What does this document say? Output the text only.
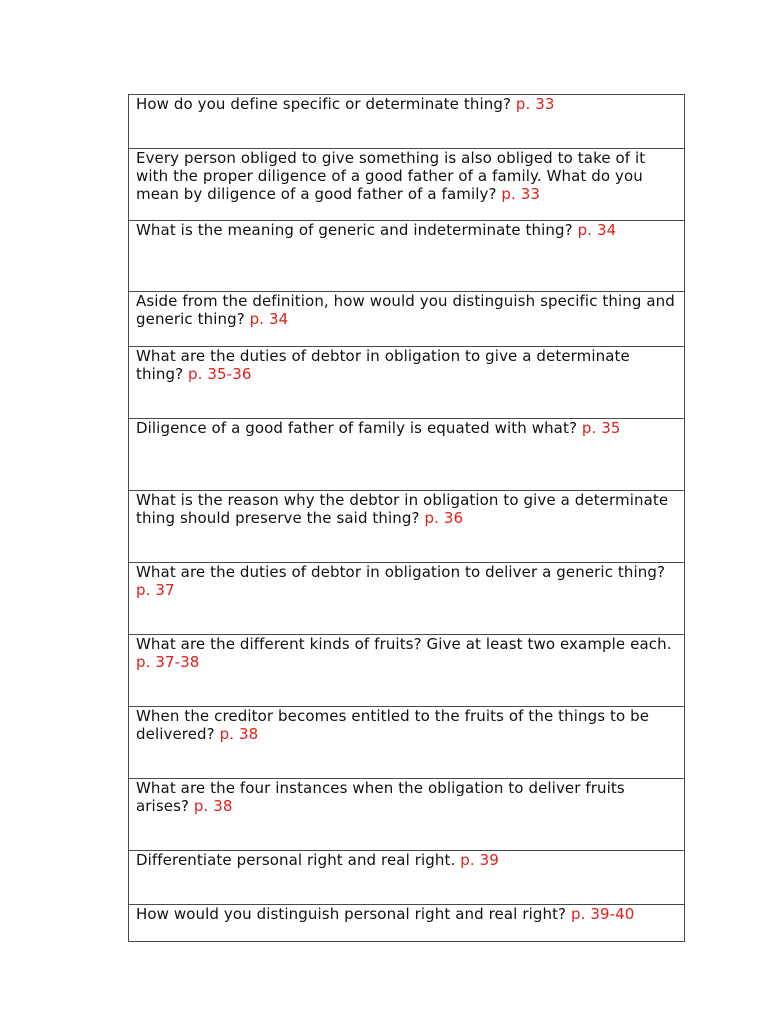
How do you define specific or determinate thing? p. 33
Every person obliged to give something is also obliged to take of it with the proper diligence of a good father of a family. What do you mean by diligence of a good father of a family? p. 33
What is the meaning of generic and indeterminate thing? p. 34
Aside from the definition, how would you distinguish specific thing and generic thing? p. 34
What are the duties of debtor in obligation to give a determinate thing? p. 35-36
Diligence of a good father of family is equated with what? p. 35
What is the reason why the debtor in obligation to give a determinate thing should preserve the said thing? p. 36
What are the duties of debtor in obligation to deliver a generic thing? p. 37
What are the different kinds of fruits? Give at least two example each. p. 37-38
When the creditor becomes entitled to the fruits of the things to be delivered? p. 38
What are the four instances when the obligation to deliver fruits arises? p. 38
Differentiate personal right and real right. p. 39
How would you distinguish personal right and real right? p. 39-40
